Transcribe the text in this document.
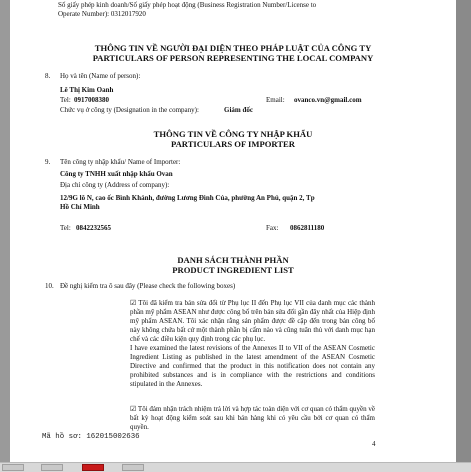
Số giấy phép kinh doanh/Số giấy phép hoạt động (Business Registration Number/License to
Operate Number): 0312017920
THÔNG TIN VỀ NGƯỜI ĐẠI DIỆN THEO PHÁP LUẬT CỦA CÔNG TY
PARTICULARS OF PERSON REPRESENTING THE LOCAL COMPANY
8. Họ và tên (Name of person):
Lê Thị Kim Oanh
Tel: 0917008380	Email: ovanco.vn@gmail.com
Chức vụ ở công ty (Designation in the company):	Giám đốc
THÔNG TIN VỀ CÔNG TY NHẬP KHẨU
PARTICULARS OF IMPORTER
9. Tên công ty nhập khẩu/ Name of Importer:
Công ty TNHH xuất nhập khẩu Ovan
Địa chỉ công ty (Address of company):
12/9G lô N, cao ốc Bình Khánh, đường Lương Đình Của, phường An Phú, quận 2, Tp
Hồ Chí Minh
Tel: 0842232565	Fax: 0862811180
DANH SÁCH THÀNH PHẦN
PRODUCT INGREDIENT LIST
10. Đề nghị kiểm tra ô sau đây (Please check the following boxes)
☑ Tôi đã kiểm tra bản sửa đổi từ Phụ lục II đến Phụ lục VII của danh mục các thành phần mỹ phẩm ASEAN như được công bố trên bản sửa đổi gần đây nhất của Hiệp định mỹ phẩm ASEAN. Tôi xác nhận rằng sản phẩm được đề cập đến trong bản công bố này không chứa bất cứ một thành phần bị cấm nào và cũng tuân thủ với danh mục hạn chế và các điều kiện quy định trong các phụ lục.
I have examined the latest revisions of the Annexes II to VII of the ASEAN Cosmetic Ingredient Listing as published in the latest amendment of the ASEAN Cosmetic Directive and confirmed that the product in this notification does not contain any prohibited substances and is in compliance with the restrictions and conditions stipulated in the Annexes.
☑ Tôi đảm nhận trách nhiệm trả lời và hợp tác toàn diện với cơ quan có thẩm quyền về bất kỳ hoạt động kiểm soát sau khi bán hàng khi có yêu cầu bởi cơ quan có thẩm quyền.
Mã hồ sơ: 162015002636
4
